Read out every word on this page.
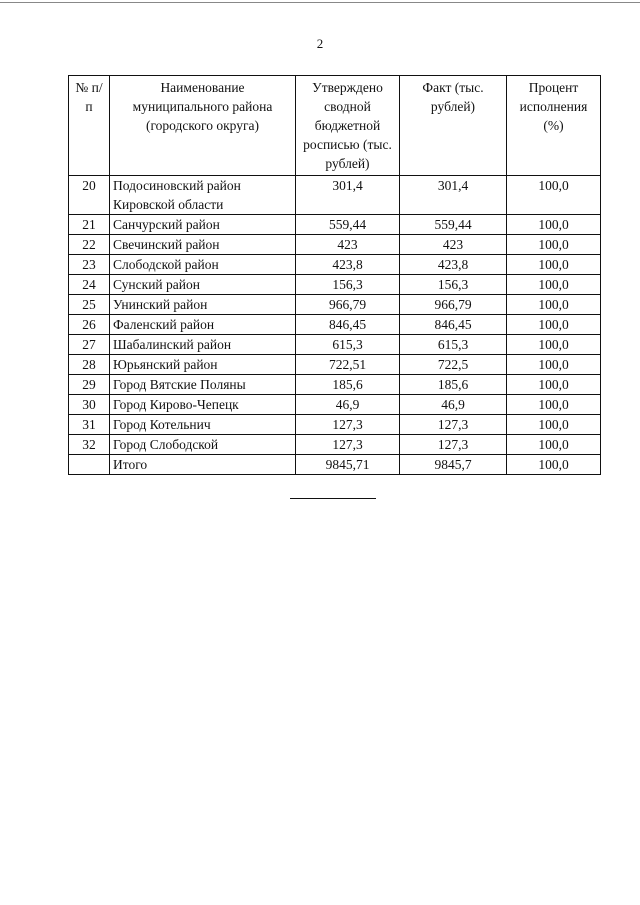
2
№ п/п	Наименование муниципального района (городского округа)	Утверждено сводной бюджетной росписью (тыс. рублей)	Факт (тыс. рублей)	Процент исполнения (%)
20	Подосиновский район Кировской области	301,4	301,4	100,0
21	Санчурский район	559,44	559,44	100,0
22	Свечинский район	423	423	100,0
23	Слободской район	423,8	423,8	100,0
24	Сунский район	156,3	156,3	100,0
25	Унинский район	966,79	966,79	100,0
26	Фаленский район	846,45	846,45	100,0
27	Шабалинский район	615,3	615,3	100,0
28	Юрьянский район	722,51	722,5	100,0
29	Город Вятские Поляны	185,6	185,6	100,0
30	Город Кирово-Чепецк	46,9	46,9	100,0
31	Город Котельнич	127,3	127,3	100,0
32	Город Слободской	127,3	127,3	100,0
	Итого	9845,71	9845,7	100,0
